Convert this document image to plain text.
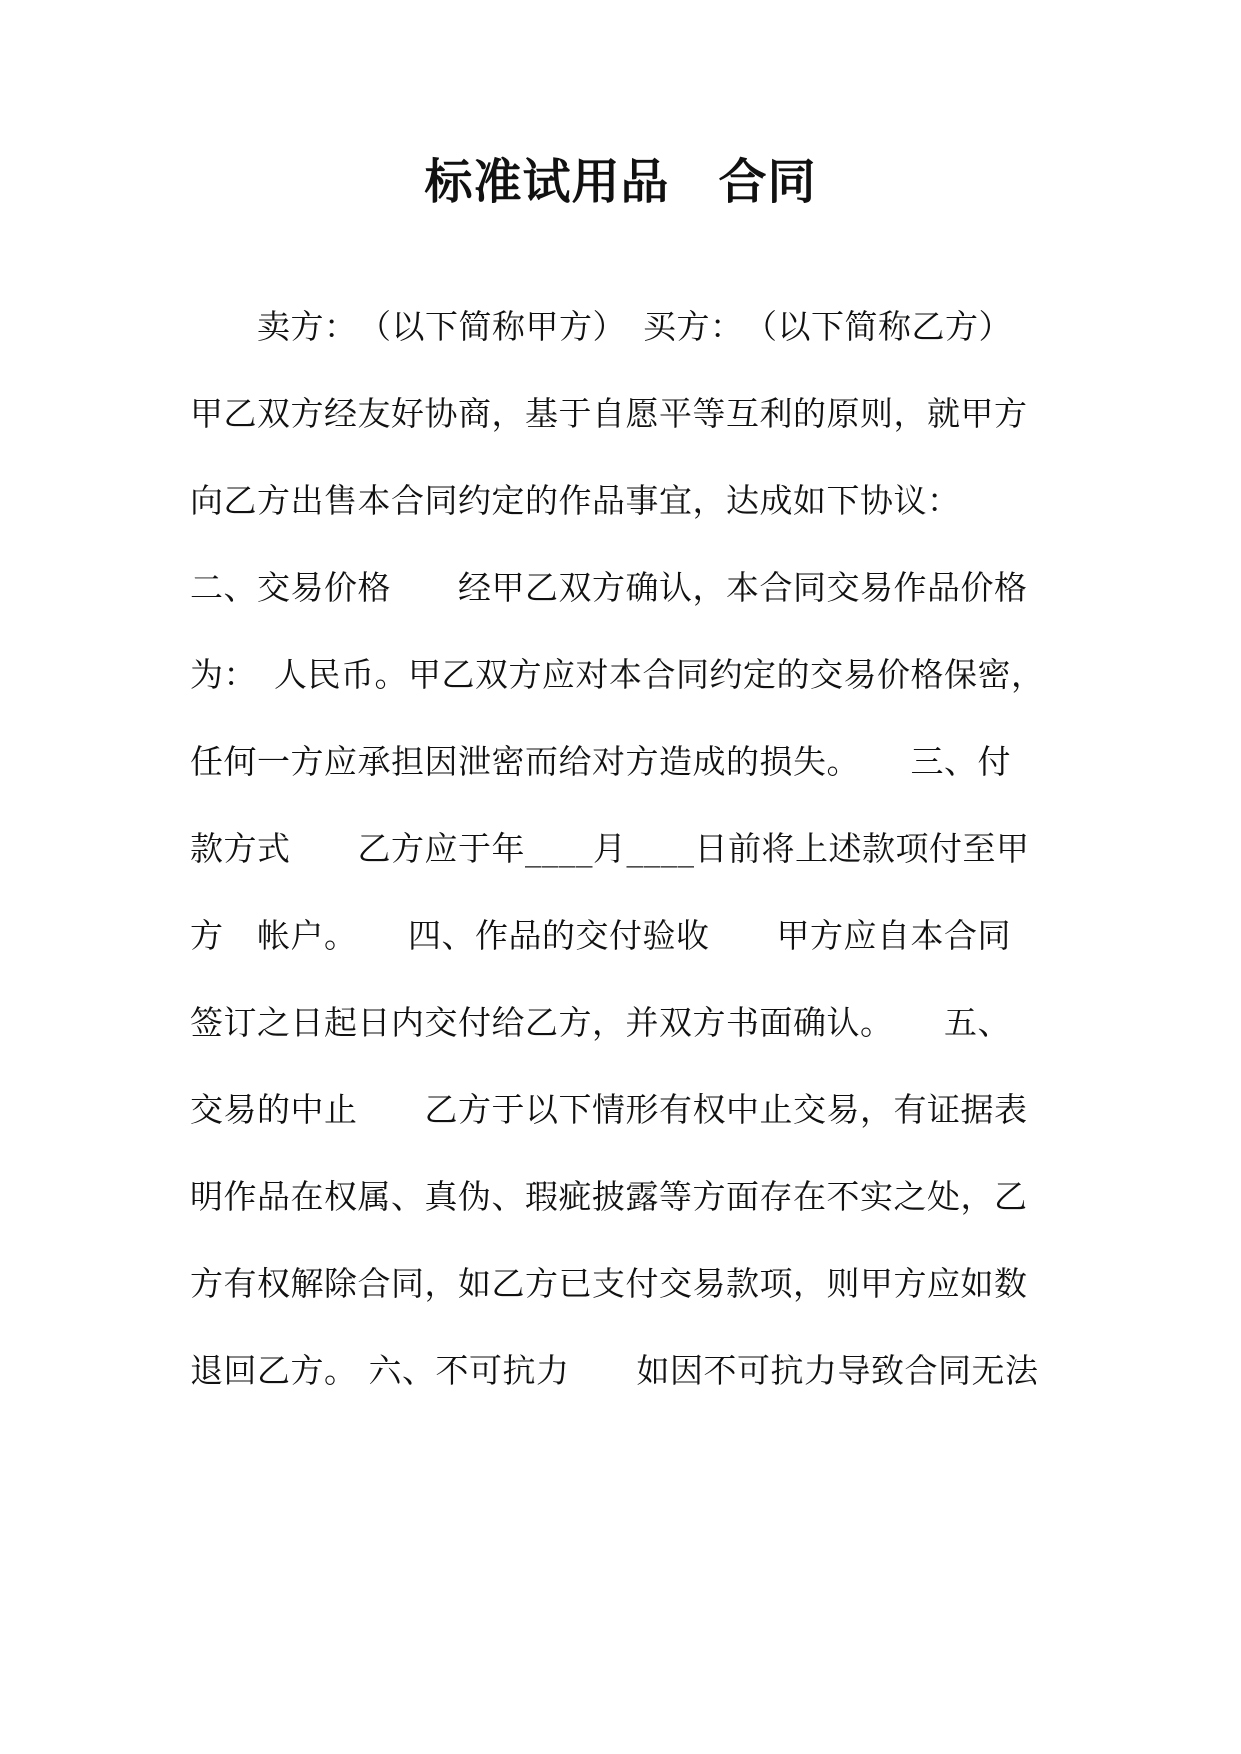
标准试用品　合同
　　卖方：　（以下简称甲方）　买方：　（以下简称乙方）
甲乙双方经友好协商，基于自愿平等互利的原则，就甲方
向乙方出售本合同约定的作品事宜，达成如下协议：
二、交易价格　　经甲乙双方确认，本合同交易作品价格
为：　人民币。甲乙双方应对本合同约定的交易价格保密，
任何一方应承担因泄密而给对方造成的损失。　　三、付
款方式　　乙方应于年____月____日前将上述款项付至甲
方　帐户。　　四、作品的交付验收　　甲方应自本合同
签订之日起日内交付给乙方，并双方书面确认。　　五、
交易的中止　　乙方于以下情形有权中止交易，有证据表
明作品在权属、真伪、瑕疵披露等方面存在不实之处，乙
方有权解除合同，如乙方已支付交易款项，则甲方应如数
退回乙方。 六、不可抗力　　如因不可抗力导致合同无法
